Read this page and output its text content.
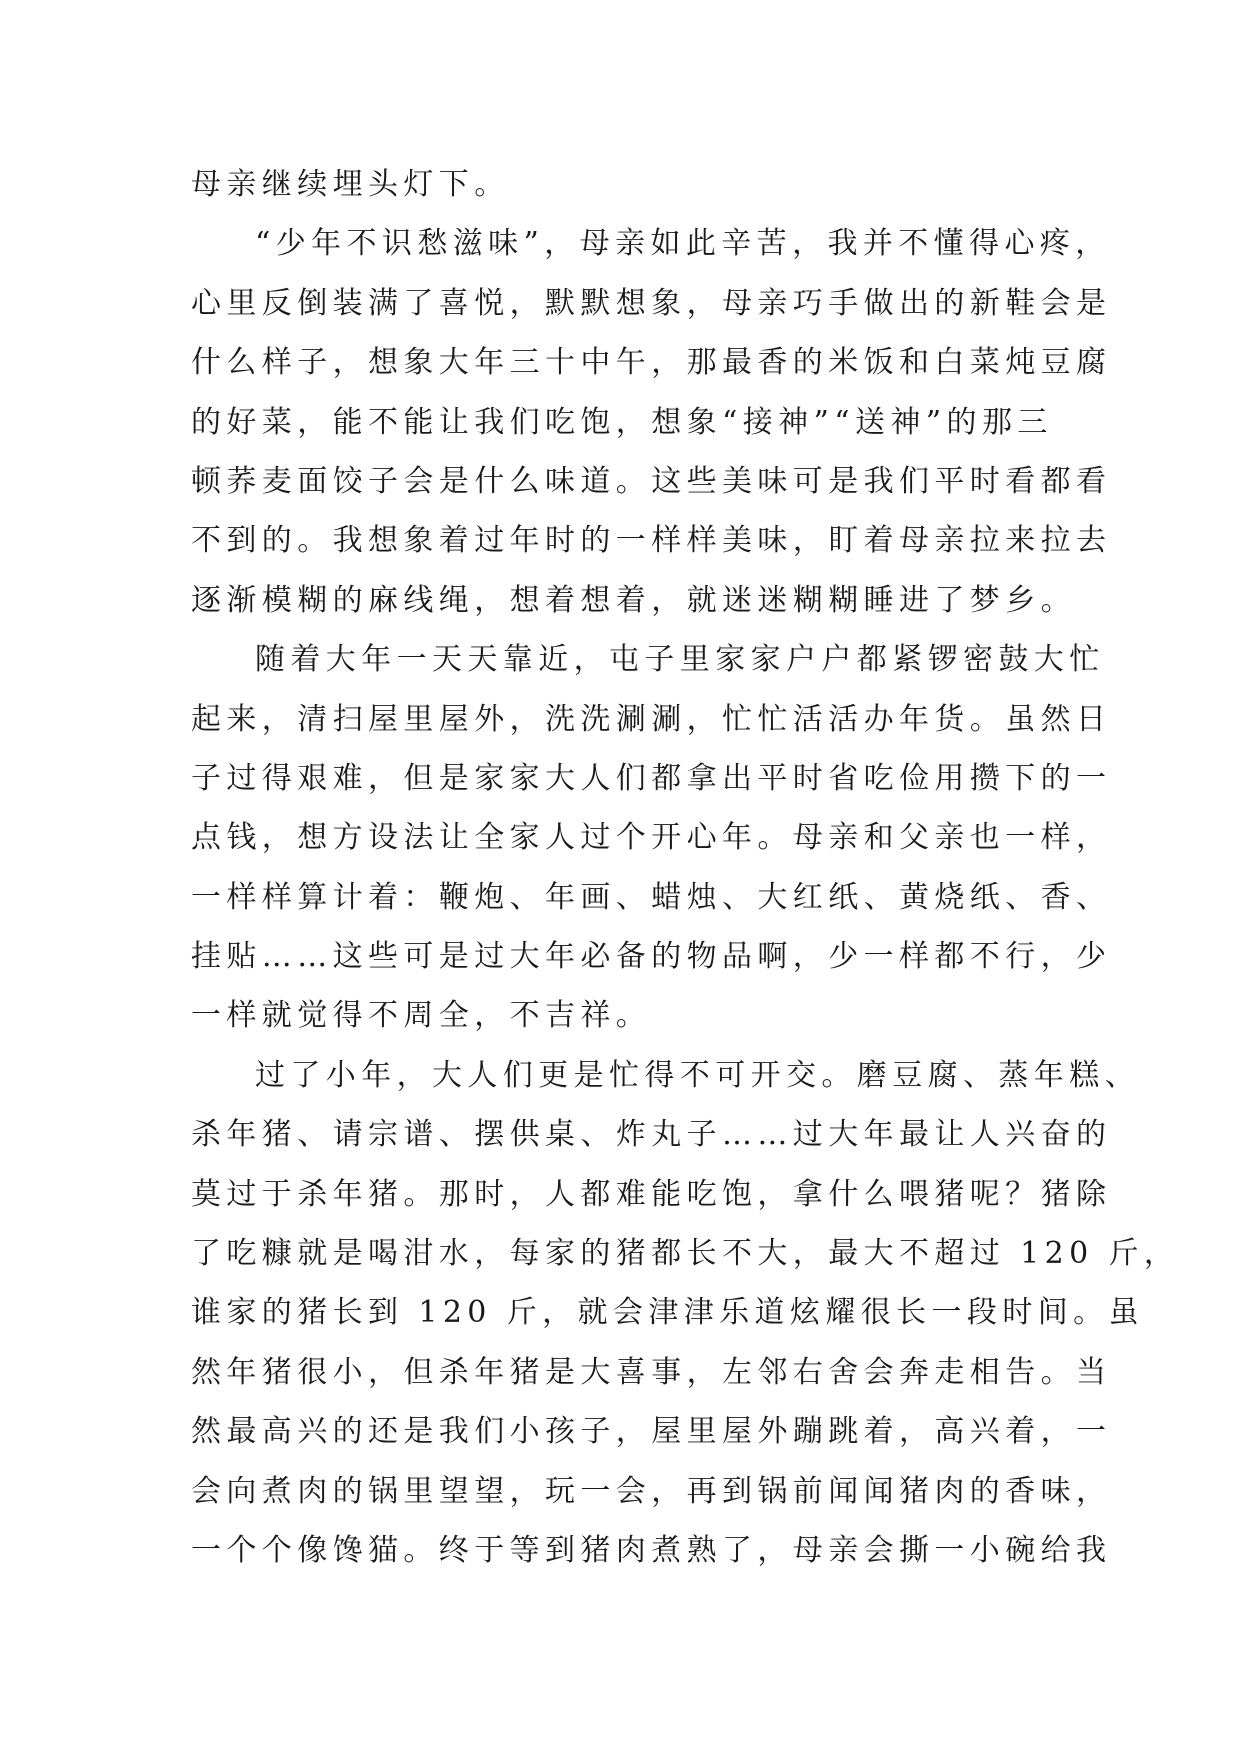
母亲继续埋头灯下。
“少年不识愁滋味”，母亲如此辛苦，我并不懂得心疼，
心里反倒装满了喜悦，默默想象，母亲巧手做出的新鞋会是
什么样子，想象大年三十中午，那最香的米饭和白菜炖豆腐
的好菜，能不能让我们吃饱，想象“接神”“送神”的那三
顿荞麦面饺子会是什么味道。这些美味可是我们平时看都看
不到的。我想象着过年时的一样样美味，盯着母亲拉来拉去
逐渐模糊的麻线绳，想着想着，就迷迷糊糊睡进了梦乡。
随着大年一天天靠近，屯子里家家户户都紧锣密鼓大忙
起来，清扫屋里屋外，洗洗涮涮，忙忙活活办年货。虽然日
子过得艰难，但是家家大人们都拿出平时省吃俭用攒下的一
点钱，想方设法让全家人过个开心年。母亲和父亲也一样，
一样样算计着：鞭炮、年画、蜡烛、大红纸、黄烧纸、香、
挂贴……这些可是过大年必备的物品啊，少一样都不行，少
一样就觉得不周全，不吉祥。
过了小年，大人们更是忙得不可开交。磨豆腐、蒸年糕、
杀年猪、请宗谱、摆供桌、炸丸子……过大年最让人兴奋的
莫过于杀年猪。那时，人都难能吃饱，拿什么喂猪呢？猪除
了吃糠就是喝泔水，每家的猪都长不大，最大不超过 120 斤，
谁家的猪长到 120 斤，就会津津乐道炫耀很长一段时间。虽
然年猪很小，但杀年猪是大喜事，左邻右舍会奔走相告。当
然最高兴的还是我们小孩子，屋里屋外蹦跳着，高兴着，一
会向煮肉的锅里望望，玩一会，再到锅前闻闻猪肉的香味，
一个个像馋猫。终于等到猪肉煮熟了，母亲会撕一小碗给我
